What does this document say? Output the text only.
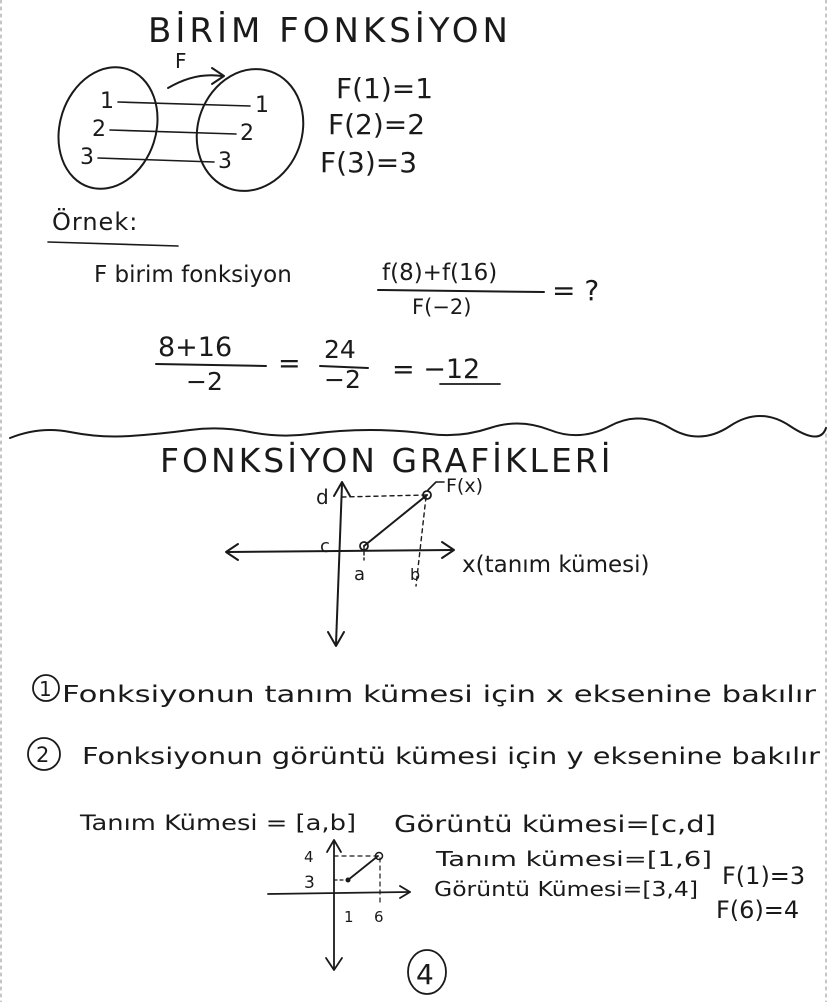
BİRİM FONKSİYON
F
1
2
3
1
2
3
F(1)=1
F(2)=2
F(3)=3
Örnek:
F birim fonksiyon	f(8)+f(16)
F(−2)	= ?
8+16
−2
= 24
−2 = −12
FONKSİYON GRAFİKLERİ
d
c
a	b
F(x)
x(tanım kümesi)
1 Fonksiyonun tanım kümesi için x eksenine bakılır
2 Fonksiyonun görüntü kümesi için y eksenine bakılır
Tanım Kümesi = [a,b] Görüntü kümesi=[c,d]
4
3
1 6
Tanım kümesi=[1,6]
Görüntü Kümesi=[3,4] F(1)=3
F(6)=4
4
